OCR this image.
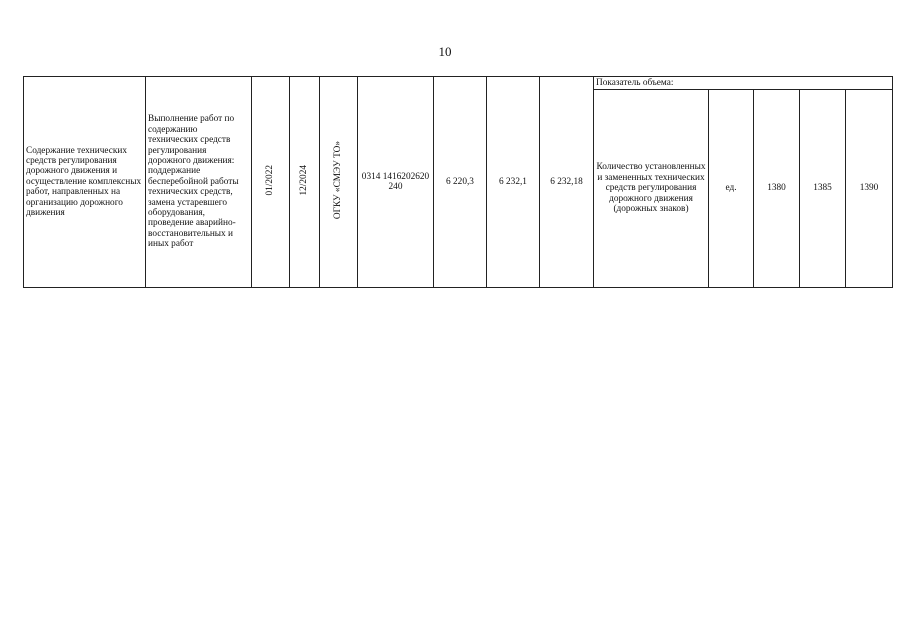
10
Содержание технических средств регулирования дорожного движения и осуществление комплексных работ, направленных на организацию дорожного движения	Выполнение работ по содержанию технических средств регулирования дорожного движения: поддержание бесперебойной работы технических средств, замена устаревшего оборудования, проведение аварийно-восстановительных и иных работ	01/2022	12/2024	ОГКУ «СМЭУ ТО»	0314 1416202620 240	6 220,3	6 232,1	6 232,18	Показатель объема:				
									Количество установленных и замененных технических средств регулирования дорожного движения (дорожных знаков)	ед.	1380	1385	1390
